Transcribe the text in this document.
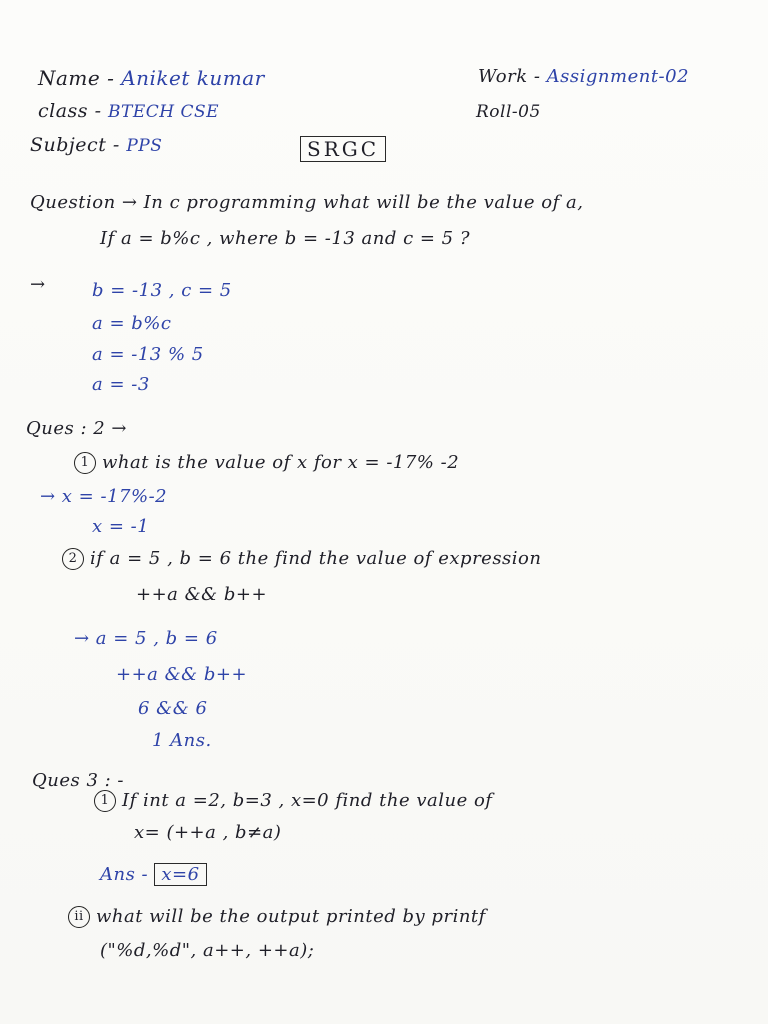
Name - Aniket kumar
class - BTECH CSE
Subject - PPS
Work - Assignment-02
Roll-05
SRGC
Question → In c programming what will be the value of a,
If a = b%c , where b = -13 and c = 5 ?
→	b = -13 , c = 5
a = b%c
a = -13 % 5
a = -3
Ques : 2 →
1 what is the value of x for x = -17% -2
→ x = -17%-2
x = -1
2 if a = 5 , b = 6 the find the value of expression
++a && b++
→ a = 5 , b = 6
++a && b++
6 && 6
1 Ans.
Ques 3 : -
1 If int a =2, b=3 , x=0 find the value of
x= (++a , b≠a)
Ans - x=6
ii what will be the output printed by printf
("%d,%d", a++, ++a);
